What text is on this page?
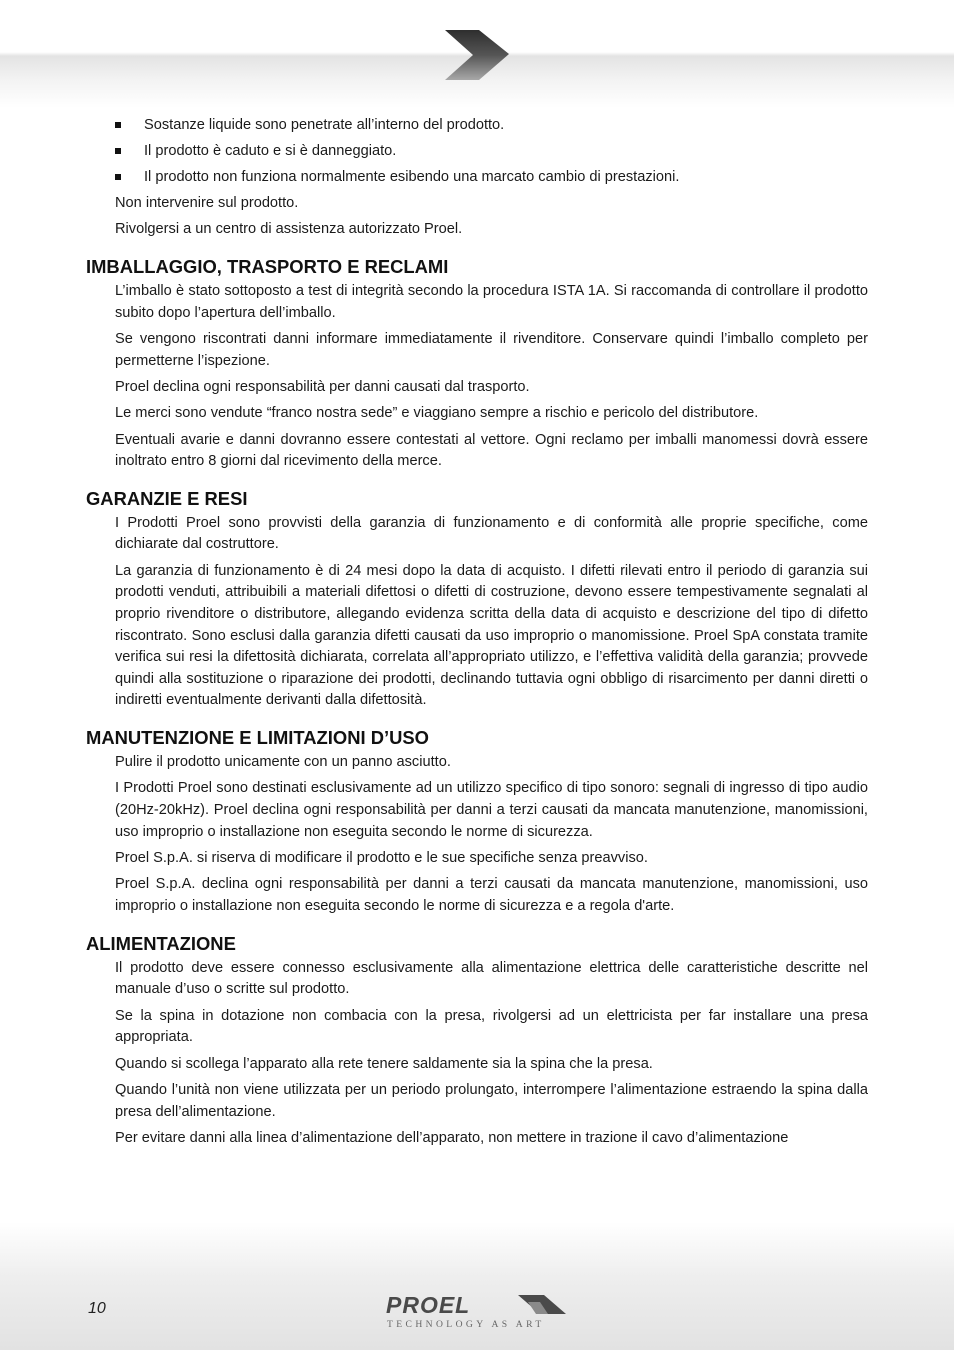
Sostanze liquide sono penetrate all’interno del prodotto.
Il prodotto è caduto e si è danneggiato.
Il prodotto non funziona normalmente esibendo una marcato cambio di prestazioni.

Non intervenire sul prodotto.

Rivolgersi a un centro di assistenza autorizzato Proel.

IMBALLAGGIO, TRASPORTO E RECLAMI

L’imballo è stato sottoposto a test di integrità secondo la procedura ISTA 1A. Si raccomanda di controllare il prodotto subito dopo l’apertura dell’imballo.

Se vengono riscontrati danni informare immediatamente il rivenditore. Conservare quindi l’imballo completo per permetterne l’ispezione.

Proel declina ogni responsabilità per danni causati dal trasporto.

Le merci sono vendute “franco nostra sede” e viaggiano sempre a rischio e pericolo del distributore.

Eventuali avarie e danni dovranno essere contestati al vettore. Ogni reclamo per imballi manomessi dovrà essere inoltrato entro 8 giorni dal ricevimento della merce.

GARANZIE E RESI

I Prodotti Proel sono provvisti della garanzia di funzionamento e di conformità alle proprie specifiche, come dichiarate dal costruttore.

La garanzia di funzionamento è di 24 mesi dopo la data di acquisto. I difetti rilevati entro il periodo di garanzia sui prodotti venduti, attribuibili a materiali difettosi o difetti di costruzione, devono essere tempestivamente segnalati al proprio rivenditore o distributore, allegando evidenza scritta della data di acquisto e descrizione del tipo di difetto riscontrato. Sono esclusi dalla garanzia difetti causati da uso improprio o manomissione. Proel SpA constata tramite verifica sui resi la difettosità dichiarata, correlata all’appropriato utilizzo, e l’effettiva validità della garanzia; provvede quindi alla sostituzione o riparazione dei prodotti, declinando tuttavia ogni obbligo di risarcimento per danni diretti o indiretti eventualmente derivanti dalla difettosità.

MANUTENZIONE E LIMITAZIONI D’USO

Pulire il prodotto unicamente con un panno asciutto.

I Prodotti Proel sono destinati esclusivamente ad un utilizzo specifico di tipo sonoro: segnali di ingresso di tipo audio (20Hz-20kHz). Proel declina ogni responsabilità per danni a terzi causati da mancata manutenzione, manomissioni, uso improprio o installazione non eseguita secondo le norme di sicurezza.

Proel S.p.A. si riserva di modificare il prodotto e le sue specifiche senza preavviso.

Proel S.p.A. declina ogni responsabilità per danni a terzi causati da mancata manutenzione, manomissioni, uso improprio o installazione non eseguita secondo le norme di sicurezza e a regola d'arte.

ALIMENTAZIONE

Il prodotto deve essere connesso esclusivamente alla alimentazione elettrica delle caratteristiche descritte nel manuale d’uso o scritte sul prodotto.

Se la spina in dotazione non combacia con la presa, rivolgersi ad un elettricista per far installare una presa appropriata.

Quando si scollega l’apparato alla rete tenere saldamente sia la spina che la presa.

Quando l’unità non viene utilizzata per un periodo prolungato, interrompere l’alimentazione estraendo la spina dalla presa dell’alimentazione.

Per evitare danni alla linea d’alimentazione dell’apparato, non mettere in trazione il cavo d’alimentazione

10	PROEL
TECHNOLOGY AS ART
